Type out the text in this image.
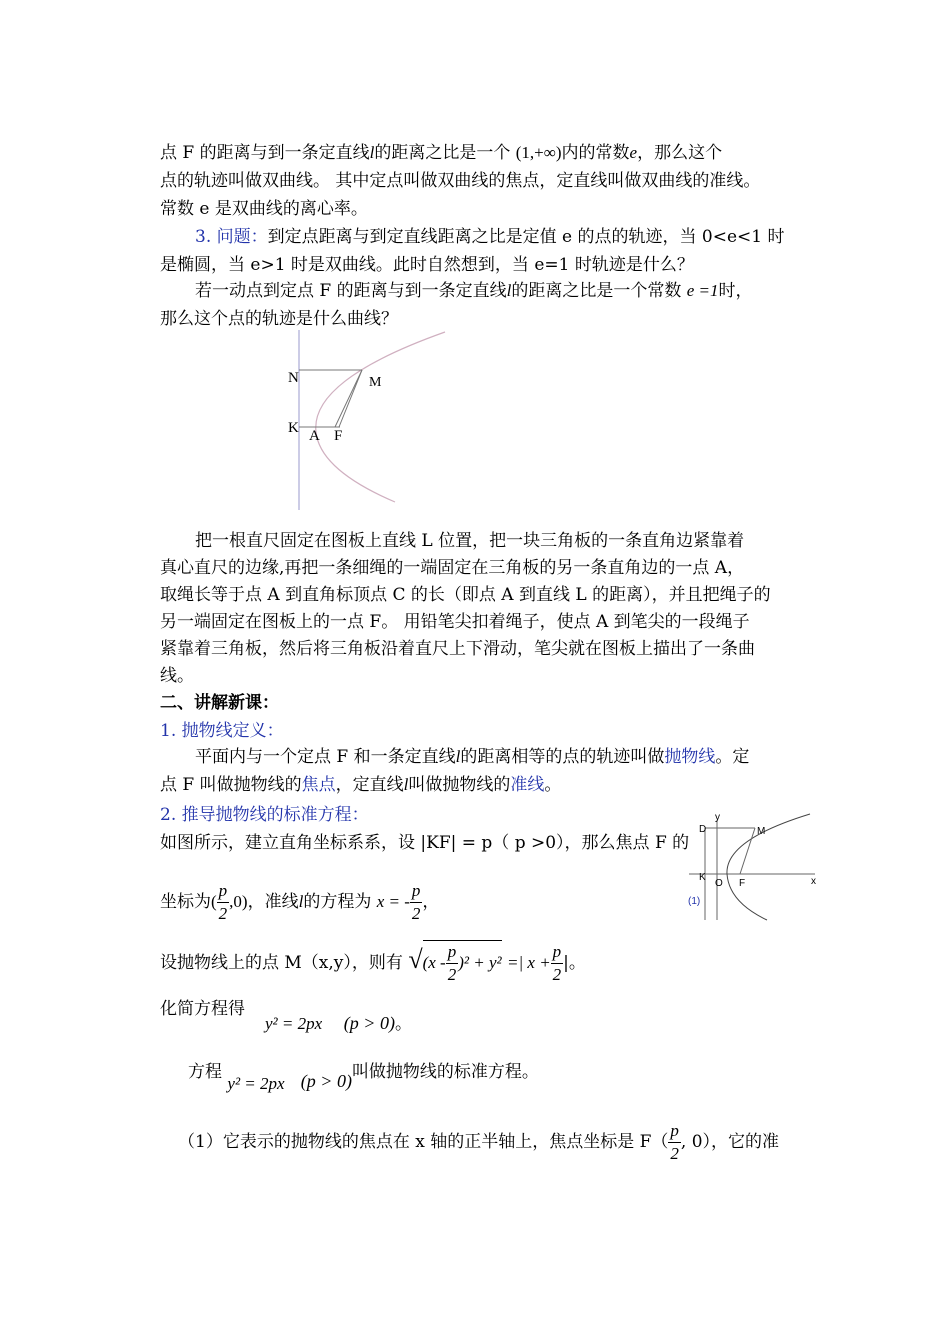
点 F 的距离与到一条定直线l的距离之比是一个 (1,+∞)内的常数e，那么这个
点的轨迹叫做双曲线。 其中定点叫做双曲线的焦点，定直线叫做双曲线的准线。
常数 e 是双曲线的离心率。
3. 问题：到定点距离与到定直线距离之比是定值 e 的点的轨迹，当 0<e<1 时
是椭圆，当 e>1 时是双曲线。此时自然想到，当 e=1 时轨迹是什么？
若一动点到定点 F 的距离与到一条定直线l的距离之比是一个常数 e =1时，
那么这个点的轨迹是什么曲线？
N	M
K A F
把一根直尺固定在图板上直线 L 位置，把一块三角板的一条直角边紧靠着
真心直尺的边缘,再把一条细绳的一端固定在三角板的另一条直角边的一点 A，
取绳长等于点 A 到直角标顶点 C 的长（即点 A 到直线 L 的距离），并且把绳子的
另一端固定在图板上的一点 F。 用铅笔尖扣着绳子，使点 A 到笔尖的一段绳子
紧靠着三角板，然后将三角板沿着直尺上下滑动，笔尖就在图板上描出了一条曲
线。
二、讲解新课：
1. 抛物线定义：
平面内与一个定点 F 和一条定直线l的距离相等的点的轨迹叫做抛物线。定
点 F 叫做抛物线的焦点，定直线l叫做抛物线的准线。
2. 推导抛物线的标准方程：
如图所示，建立直角坐标系系，设 |KF| = p（ p >0），那么焦点 F 的
y
D	M
K
O F	x
(1)
坐标为( $\frac{p}{2} ,0$)，准线l的方程为 x = - $\frac{p}{2}$ ，
设抛物线上的点 M（x,y），则有 $√(x - \frac{p}{2} )^2 + y^2$ =| $x + \frac{p}{2}$ |。
化简方程得
y² = 2px (p > 0)。
方程 y² = 2px (p > 0)叫做抛物线的标准方程。
（1）它表示的抛物线的焦点在 x 轴的正半轴上，焦点坐标是 $F( \frac{p}{2}$ , 0），它的准
